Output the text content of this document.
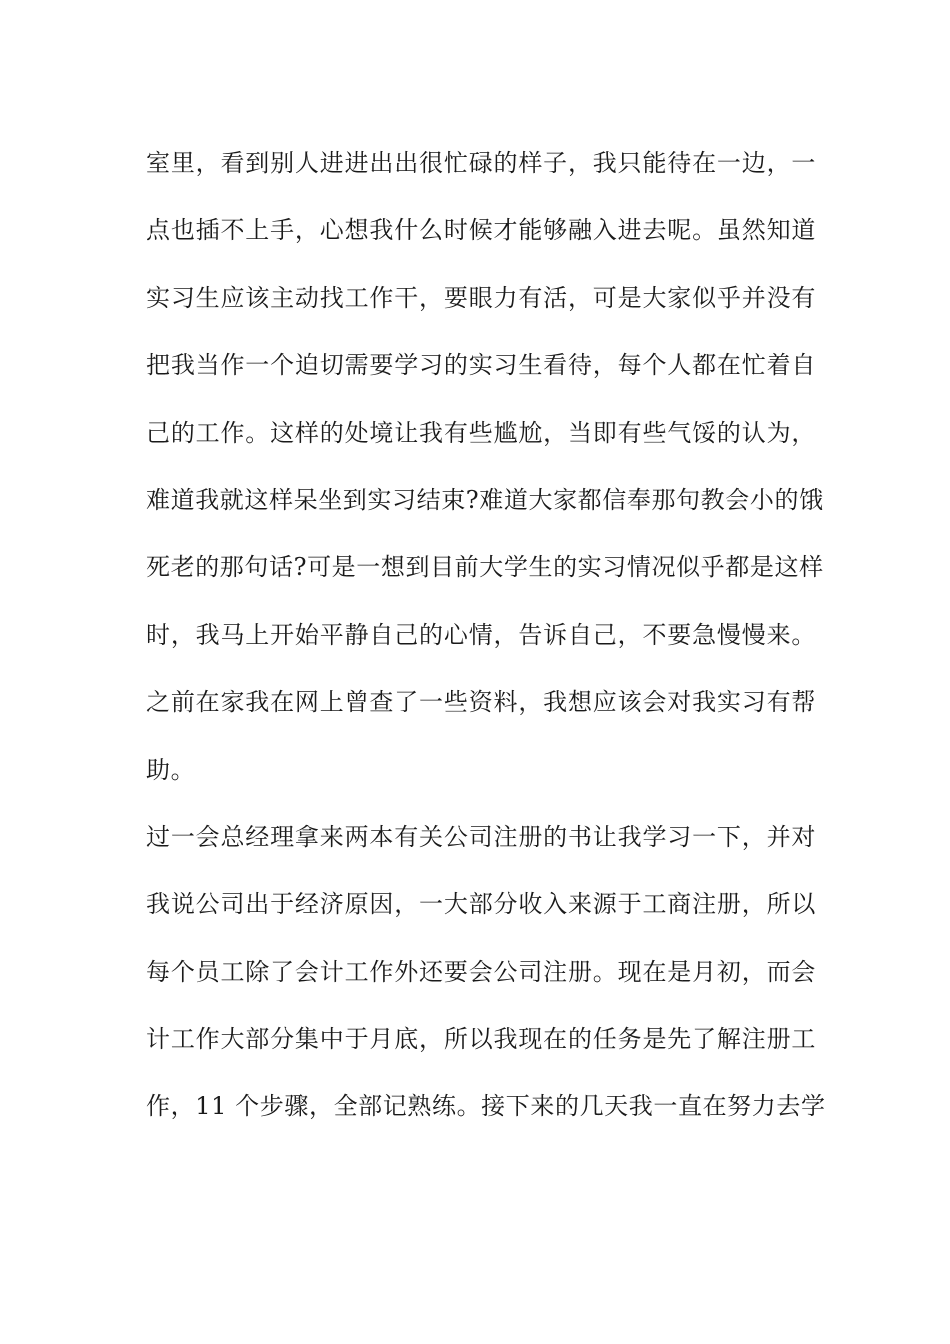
室里，看到别人进进出出很忙碌的样子，我只能待在一边，一
点也插不上手，心想我什么时候才能够融入进去呢。虽然知道
实习生应该主动找工作干，要眼力有活，可是大家似乎并没有
把我当作一个迫切需要学习的实习生看待，每个人都在忙着自
己的工作。这样的处境让我有些尴尬，当即有些气馁的认为，
难道我就这样呆坐到实习结束?难道大家都信奉那句教会小的饿
死老的那句话?可是一想到目前大学生的实习情况似乎都是这样
时，我马上开始平静自己的心情，告诉自己，不要急慢慢来。
之前在家我在网上曾查了一些资料，我想应该会对我实习有帮
助。
过一会总经理拿来两本有关公司注册的书让我学习一下，并对
我说公司出于经济原因，一大部分收入来源于工商注册，所以
每个员工除了会计工作外还要会公司注册。现在是月初，而会
计工作大部分集中于月底，所以我现在的任务是先了解注册工
作，11 个步骤，全部记熟练。接下来的几天我一直在努力去学
